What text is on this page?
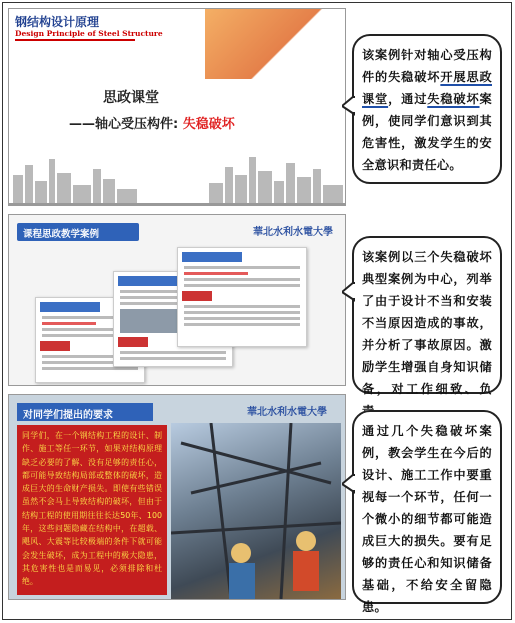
钢结构设计原理
Design Principle of Steel Structure
思政课堂
——轴心受压构件: 失稳破坏
该案例针对轴心受压构件的失稳破坏开展思政课堂，通过失稳破坏案例，使同学们意识到其危害性，激发学生的安全意识和责任心。
课程思政教学案例	華北水利水電大學
该案例以三个失稳破坏典型案例为中心，列举了由于设计不当和安装不当原因造成的事故，并分析了事故原因。激励学生增强自身知识储备，对工作细致、负
对同学们提出的要求	華北水利水電大學
同学们，在一个钢结构工程的设计、制作、施工等任一环节，如果对结构原理缺乏必要的了解、没有足够的责任心，都可能导致结构局部或整体的破坏，造成巨大的生命财产损失。即使有些错误虽然不会马上导致结构的破坏，但由于结构工程的使用期往往长达50年、100年，这些问题隐藏在结构中，在超载、飓风、大震等比较极端的条件下就可能会发生破坏，成为工程中的极大隐患，其危害性也是而易见，必须排除和杜绝。
通过几个失稳破坏案例，教会学生在今后的设计、施工工作中要重视每一个环节，任何一个微小的细节都可能造成巨大的损失。要有足够的责任心和知识储备基础，不给安全留隐患。
